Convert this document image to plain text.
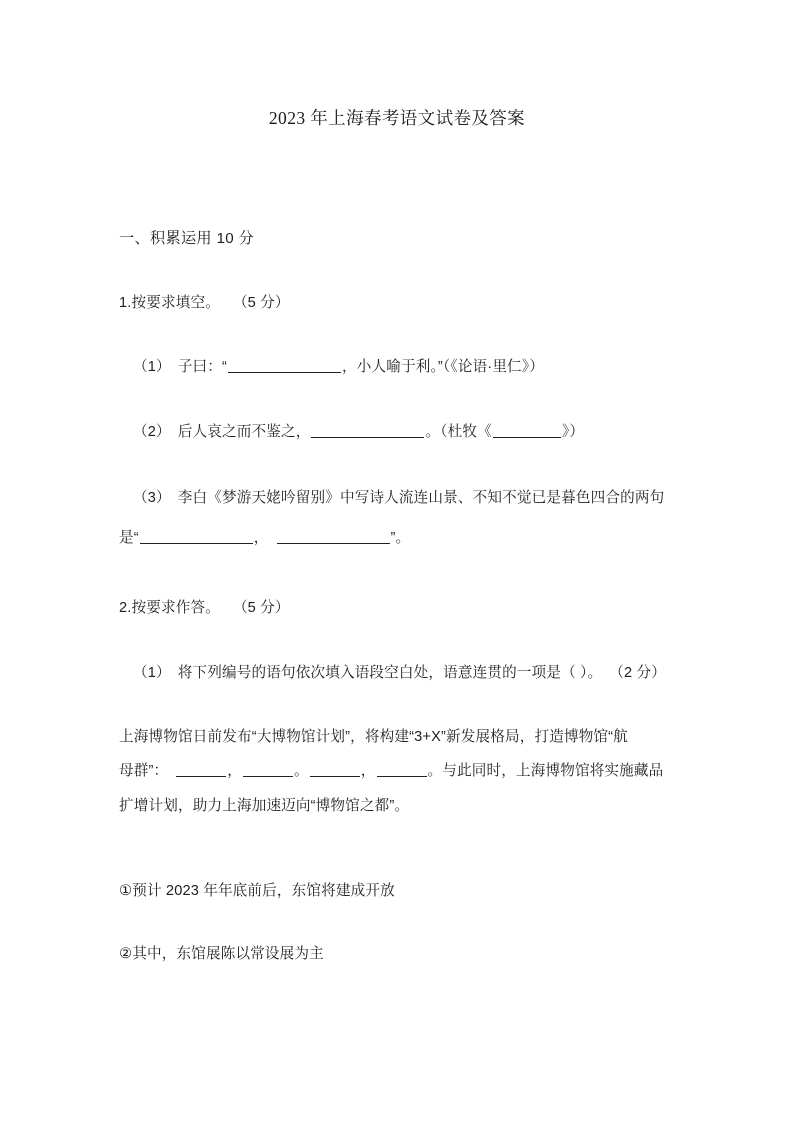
2023 年上海春考语文试卷及答案
一、积累运用 10 分
1.按要求填空。 （5 分）
（1） 子曰：“	，小人喻于利。”（《论语·里仁》）
（2） 后人哀之而不鉴之，	。（杜牧《	》）
（3） 李白《梦游天姥吟留别》中写诗人流连山景、不知不觉已是暮色四合的两句
是“	，	”。
2.按要求作答。 （5 分）
（1） 将下列编号的语句依次填入语段空白处，语意连贯的一项是（ ）。 （2 分）
上海博物馆日前发布“大博物馆计划”，将构建“3+X”新发展格局，打造博物馆“航
母群”：	，	。	，	。与此同时，上海博物馆将实施藏品
扩增计划，助力上海加速迈向“博物馆之都”。
①预计 2023 年年底前后，东馆将建成开放
②其中，东馆展陈以常设展为主
